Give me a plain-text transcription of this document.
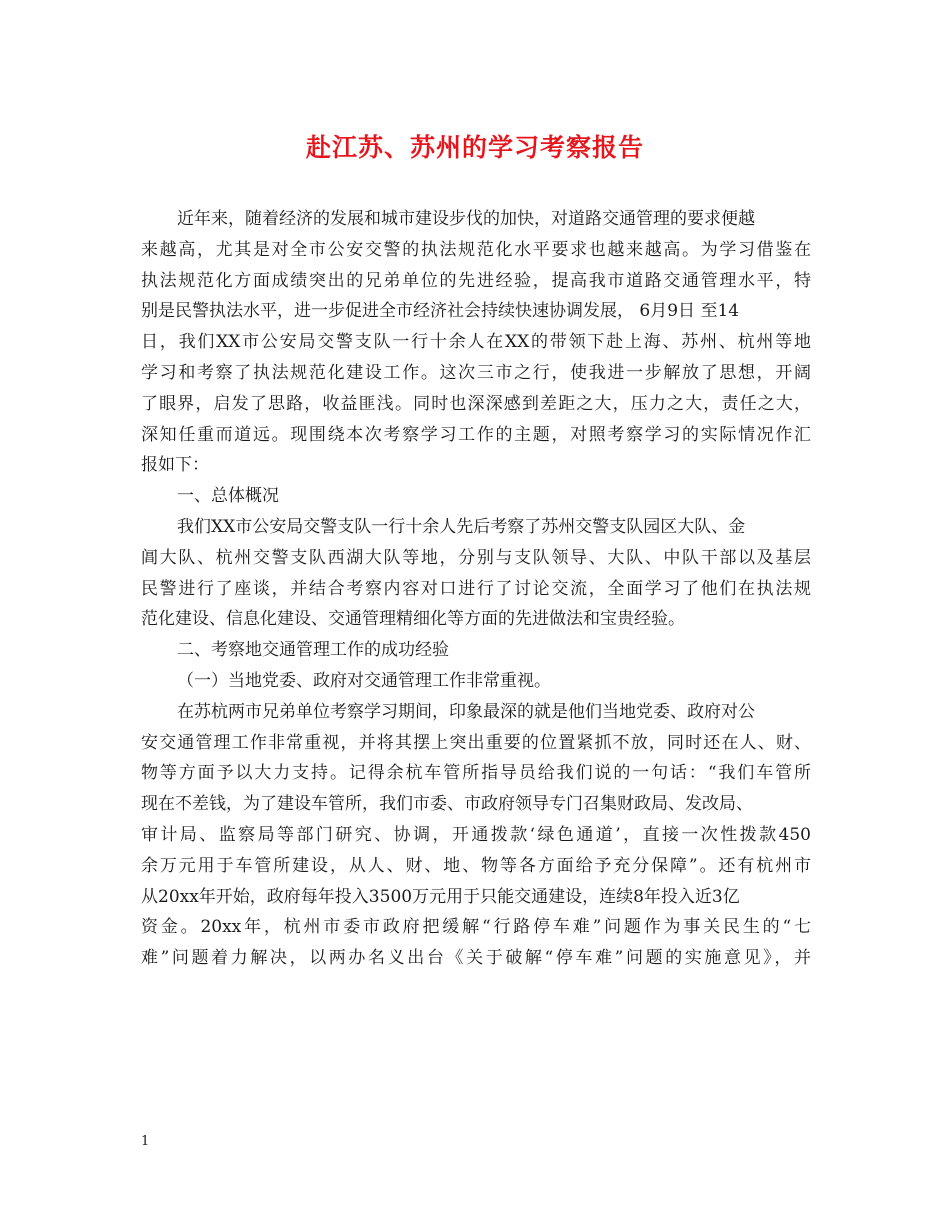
赴江苏、苏州的学习考察报告
近年来，随着经济的发展和城市建设步伐的加快，对道路交通管理的要求便越
来越高，尤其是对全市公安交警的执法规范化水平要求也越来越高。为学习借鉴在
执法规范化方面成绩突出的兄弟单位的先进经验，提高我市道路交通管理水平，特
别是民警执法水平，进一步促进全市经济社会持续快速协调发展， 6月9日 至14
日，我们XX市公安局交警支队一行十余人在XX的带领下赴上海、苏州、杭州等地
学习和考察了执法规范化建设工作。这次三市之行，使我进一步解放了思想，开阔
了眼界，启发了思路，收益匪浅。同时也深深感到差距之大，压力之大，责任之大，
深知任重而道远。现围绕本次考察学习工作的主题，对照考察学习的实际情况作汇
报如下：
一、总体概况
我们XX市公安局交警支队一行十余人先后考察了苏州交警支队园区大队、金
阊大队、杭州交警支队西湖大队等地，分别与支队领导、大队、中队干部以及基层
民警进行了座谈，并结合考察内容对口进行了讨论交流，全面学习了他们在执法规
范化建设、信息化建设、交通管理精细化等方面的先进做法和宝贵经验。
二、考察地交通管理工作的成功经验
（一）当地党委、政府对交通管理工作非常重视。
在苏杭两市兄弟单位考察学习期间，印象最深的就是他们当地党委、政府对公
安交通管理工作非常重视，并将其摆上突出重要的位置紧抓不放，同时还在人、财、
物等方面予以大力支持。记得余杭车管所指导员给我们说的一句话：“我们车管所
现在不差钱，为了建设车管所，我们市委、市政府领导专门召集财政局、发改局、
审计局、监察局等部门研究、协调，开通拨款‘绿色通道’，直接一次性拨款450
余万元用于车管所建设，从人、财、地、物等各方面给予充分保障”。还有杭州市
从20xx年开始，政府每年投入3500万元用于只能交通建设，连续8年投入近3亿
资金。20xx年，杭州市委市政府把缓解“行路停车难”问题作为事关民生的“七
难”问题着力解决，以两办名义出台《关于破解“停车难”问题的实施意见》，并
1
